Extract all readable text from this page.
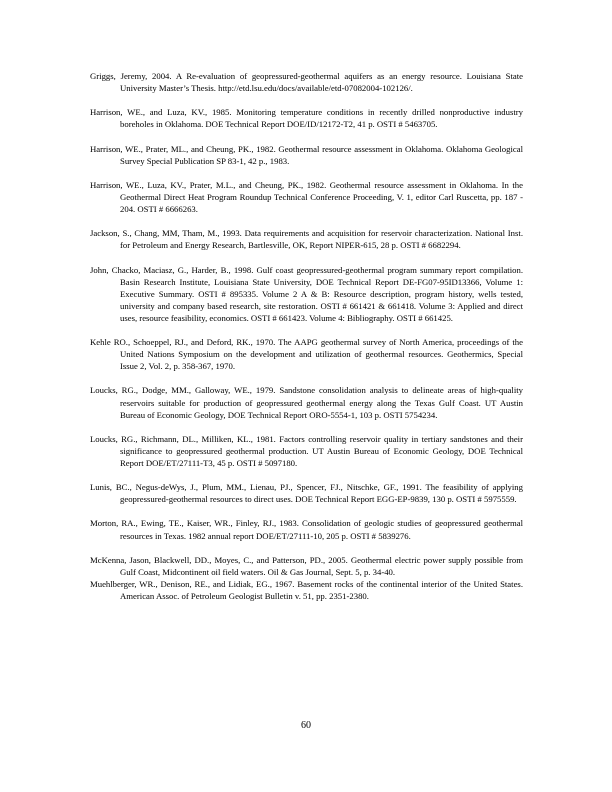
Griggs, Jeremy, 2004. A Re-evaluation of geopressured-geothermal aquifers as an energy resource. Louisiana State University Master’s Thesis. http://etd.lsu.edu/docs/available/etd-07082004-102126/.

Harrison, WE., and Luza, KV., 1985. Monitoring temperature conditions in recently drilled nonproductive industry boreholes in Oklahoma. DOE Technical Report DOE/ID/12172-T2, 41 p. OSTI # 5463705.

Harrison, WE., Prater, ML., and Cheung, PK., 1982. Geothermal resource assessment in Oklahoma. Oklahoma Geological Survey Special Publication SP 83-1, 42 p., 1983.

Harrison, WE., Luza, KV., Prater, M.L., and Cheung, PK., 1982. Geothermal resource assessment in Oklahoma. In the Geothermal Direct Heat Program Roundup Technical Conference Proceeding, V. 1, editor Carl Ruscetta, pp. 187 - 204. OSTI # 6666263.

Jackson, S., Chang, MM, Tham, M., 1993. Data requirements and acquisition for reservoir characterization. National Inst. for Petroleum and Energy Research, Bartlesville, OK, Report NIPER-615, 28 p. OSTI # 6682294.

John, Chacko, Maciasz, G., Harder, B., 1998. Gulf coast geopressured-geothermal program summary report compilation. Basin Research Institute, Louisiana State University, DOE Technical Report DE-FG07-95ID13366, Volume 1: Executive Summary. OSTI # 895335. Volume 2 A & B: Resource description, program history, wells tested, university and company based research, site restoration. OSTI # 661421 & 661418. Volume 3: Applied and direct uses, resource feasibility, economics. OSTI # 661423. Volume 4: Bibliography. OSTI # 661425.

Kehle RO., Schoeppel, RJ., and Deford, RK., 1970. The AAPG geothermal survey of North America, proceedings of the United Nations Symposium on the development and utilization of geothermal resources. Geothermics, Special Issue 2, Vol. 2, p. 358-367, 1970.

Loucks, RG., Dodge, MM., Galloway, WE., 1979. Sandstone consolidation analysis to delineate areas of high-quality reservoirs suitable for production of geopressured geothermal energy along the Texas Gulf Coast. UT Austin Bureau of Economic Geology, DOE Technical Report ORO-5554-1, 103 p. OSTI 5754234.

Loucks, RG., Richmann, DL., Milliken, KL., 1981. Factors controlling reservoir quality in tertiary sandstones and their significance to geopressured geothermal production. UT Austin Bureau of Economic Geology, DOE Technical Report DOE/ET/27111-T3, 45 p. OSTI # 5097180.

Lunis, BC., Negus-deWys, J., Plum, MM., Lienau, PJ., Spencer, FJ., Nitschke, GF., 1991. The feasibility of applying geopressured-geothermal resources to direct uses. DOE Technical Report EGG-EP-9839, 130 p. OSTI # 5975559.

Morton, RA., Ewing, TE., Kaiser, WR., Finley, RJ., 1983. Consolidation of geologic studies of geopressured geothermal resources in Texas. 1982 annual report DOE/ET/27111-10, 205 p. OSTI # 5839276.

McKenna, Jason, Blackwell, DD., Moyes, C., and Patterson, PD., 2005. Geothermal electric power supply possible from Gulf Coast, Midcontinent oil field waters. Oil & Gas Journal, Sept. 5, p. 34-40.

Muehlberger, WR., Denison, RE., and Lidiak, EG., 1967. Basement rocks of the continental interior of the United States. American Assoc. of Petroleum Geologist Bulletin v. 51, pp. 2351-2380.

60
